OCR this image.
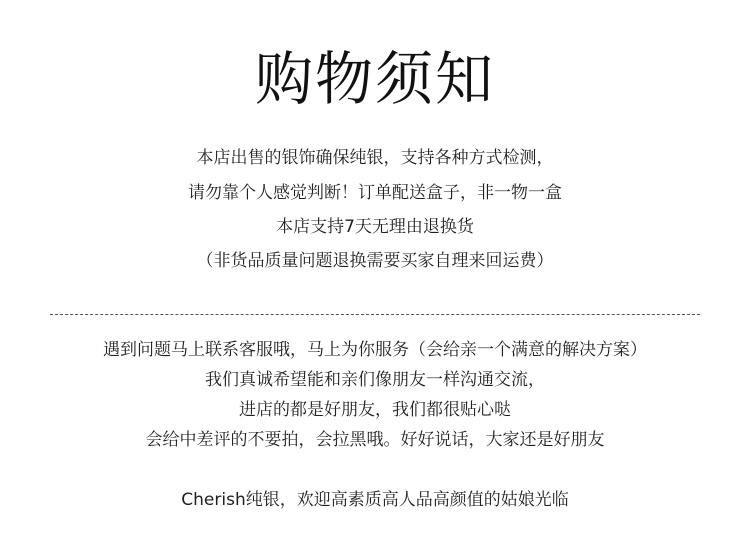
购物须知
本店出售的银饰确保纯银，支持各种方式检测，
请勿靠个人感觉判断！订单配送盒子，非一物一盒
本店支持7天无理由退换货
（非货品质量问题退换需要买家自理来回运费）
遇到问题马上联系客服哦，马上为你服务（会给亲一个满意的解决方案）
我们真诚希望能和亲们像朋友一样沟通交流，
进店的都是好朋友，我们都很贴心哒
会给中差评的不要拍，会拉黑哦。好好说话，大家还是好朋友
Cherish纯银，欢迎高素质高人品高颜值的姑娘光临
